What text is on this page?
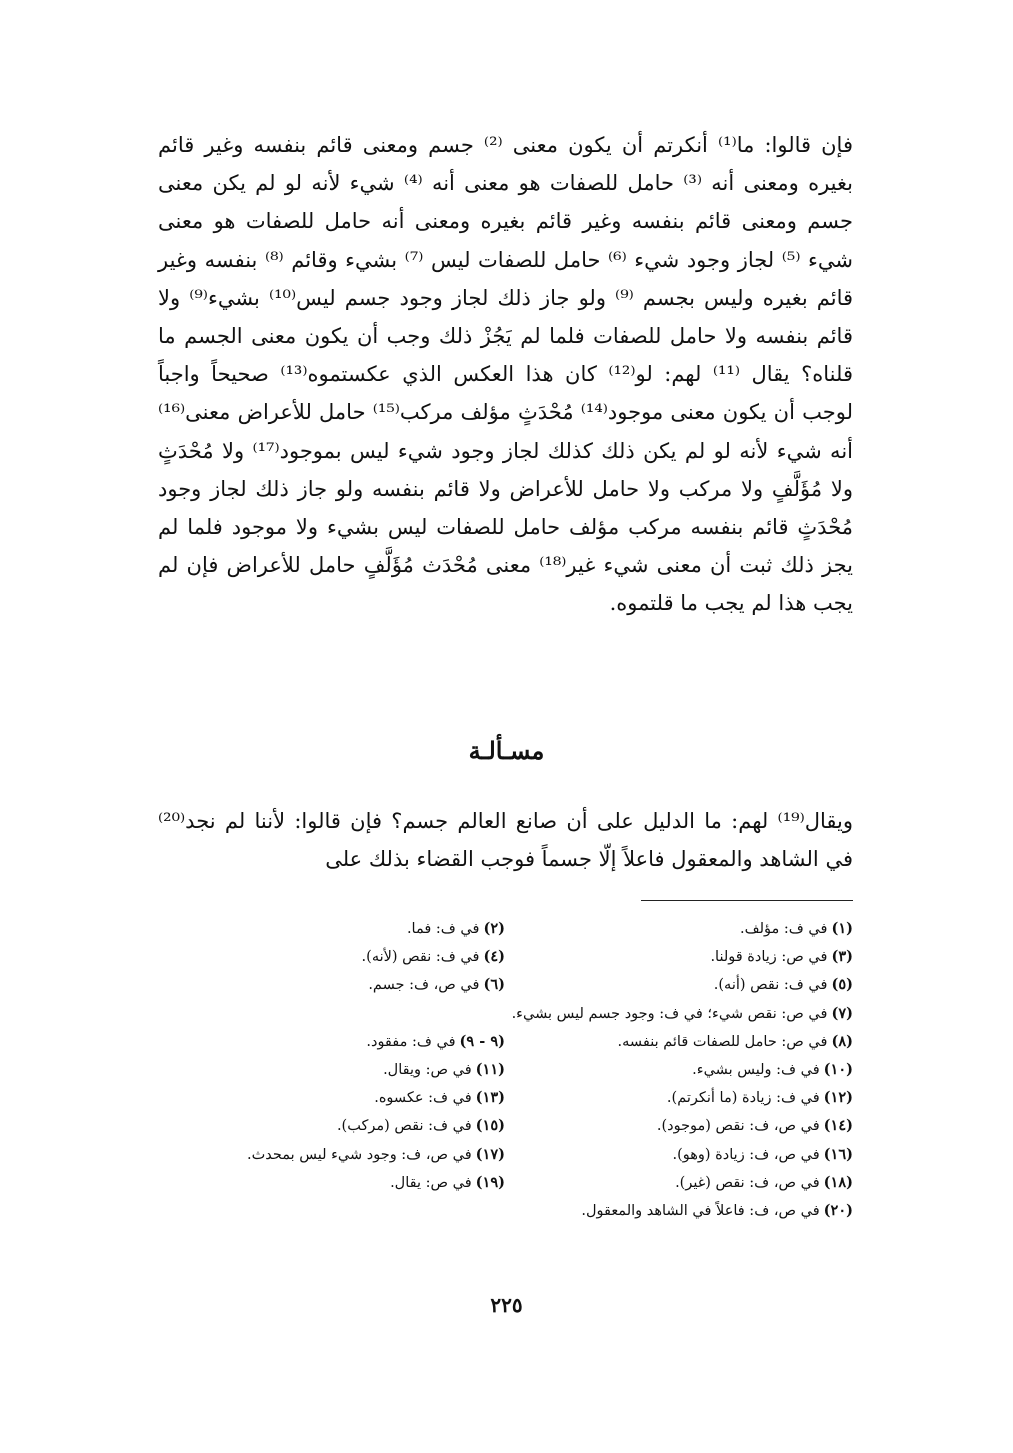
فإن قالوا: ما⁽¹⁾ أنكرتم أن يكون معنى ⁽²⁾ جسم ومعنى قائم بنفسه وغير قائم بغيره ومعنى أنه ⁽³⁾ حامل للصفات هو معنى أنه ⁽⁴⁾ شيء لأنه لو لم يكن معنى جسم ومعنى قائم بنفسه وغير قائم بغيره ومعنى أنه حامل للصفات هو معنى شيء ⁽⁵⁾ لجاز وجود شيء ⁽⁶⁾ حامل للصفات ليس ⁽⁷⁾ بشيء وقائم ⁽⁸⁾ بنفسه وغير قائم بغيره وليس بجسم ⁽⁹⁾ ولو جاز ذلك لجاز وجود جسم ليس⁽¹⁰⁾ بشيء⁽⁹⁾ ولا قائم بنفسه ولا حامل للصفات فلما لم يَجُزْ ذلك وجب أن يكون معنى الجسم ما قلناه؟ يقال ⁽¹¹⁾ لهم: لو⁽¹²⁾ كان هذا العكس الذي عكستموه⁽¹³⁾ صحيحاً واجباً لوجب أن يكون معنى موجود⁽¹⁴⁾ مُحْدَثٍ مؤلف مركب⁽¹⁵⁾ حامل للأعراض معنى⁽¹⁶⁾ أنه شيء لأنه لو لم يكن ذلك كذلك لجاز وجود شيء ليس بموجود⁽¹⁷⁾ ولا مُحْدَثٍ ولا مُؤَلَّفٍ ولا مركب ولا حامل للأعراض ولا قائم بنفسه ولو جاز ذلك لجاز وجود مُحْدَثٍ قائم بنفسه مركب مؤلف حامل للصفات ليس بشيء ولا موجود فلما لم يجز ذلك ثبت أن معنى شيء غير⁽¹⁸⁾ معنى مُحْدَث مُؤَلَّفٍ حامل للأعراض فإن لم يجب هذا لم يجب ما قلتموه.
مسـألـة
ويقال⁽¹⁹⁾ لهم: ما الدليل على أن صانع العالم جسم؟ فإن قالوا: لأننا لم نجد⁽²⁰⁾ في الشاهد والمعقول فاعلاً إلّا جسماً فوجب القضاء بذلك على
(١)في ف: مؤلف.
(٢)في ف: فما.
(٣)في ص: زيادة قولنا.
(٤)في ف: نقص (لأنه).
(٥)في ف: نقص (أنه).
(٦)في ص، ف: جسم.
(٧)في ص: نقص شيء؛ في ف: وجود جسم ليس بشيء.
(٨)في ص: حامل للصفات قائم بنفسه.
(٩ - ٩)في ف: مفقود.
(١٠)في ف: وليس بشيء.
(١١)في ص: ويقال.
(١٢)في ف: زيادة (ما أنكرتم).
(١٣)في ف: عكسوه.
(١٤)في ص، ف: نقص (موجود).
(١٥)في ف: نقص (مركب).
(١٦)في ص، ف: زيادة (وهو).
(١٧)في ص، ف: وجود شيء ليس بمحدث.
(١٨)في ص، ف: نقص (غير).
(١٩)في ص: يقال.
(٢٠)في ص، ف: فاعلاً في الشاهد والمعقول.
٢٢٥
